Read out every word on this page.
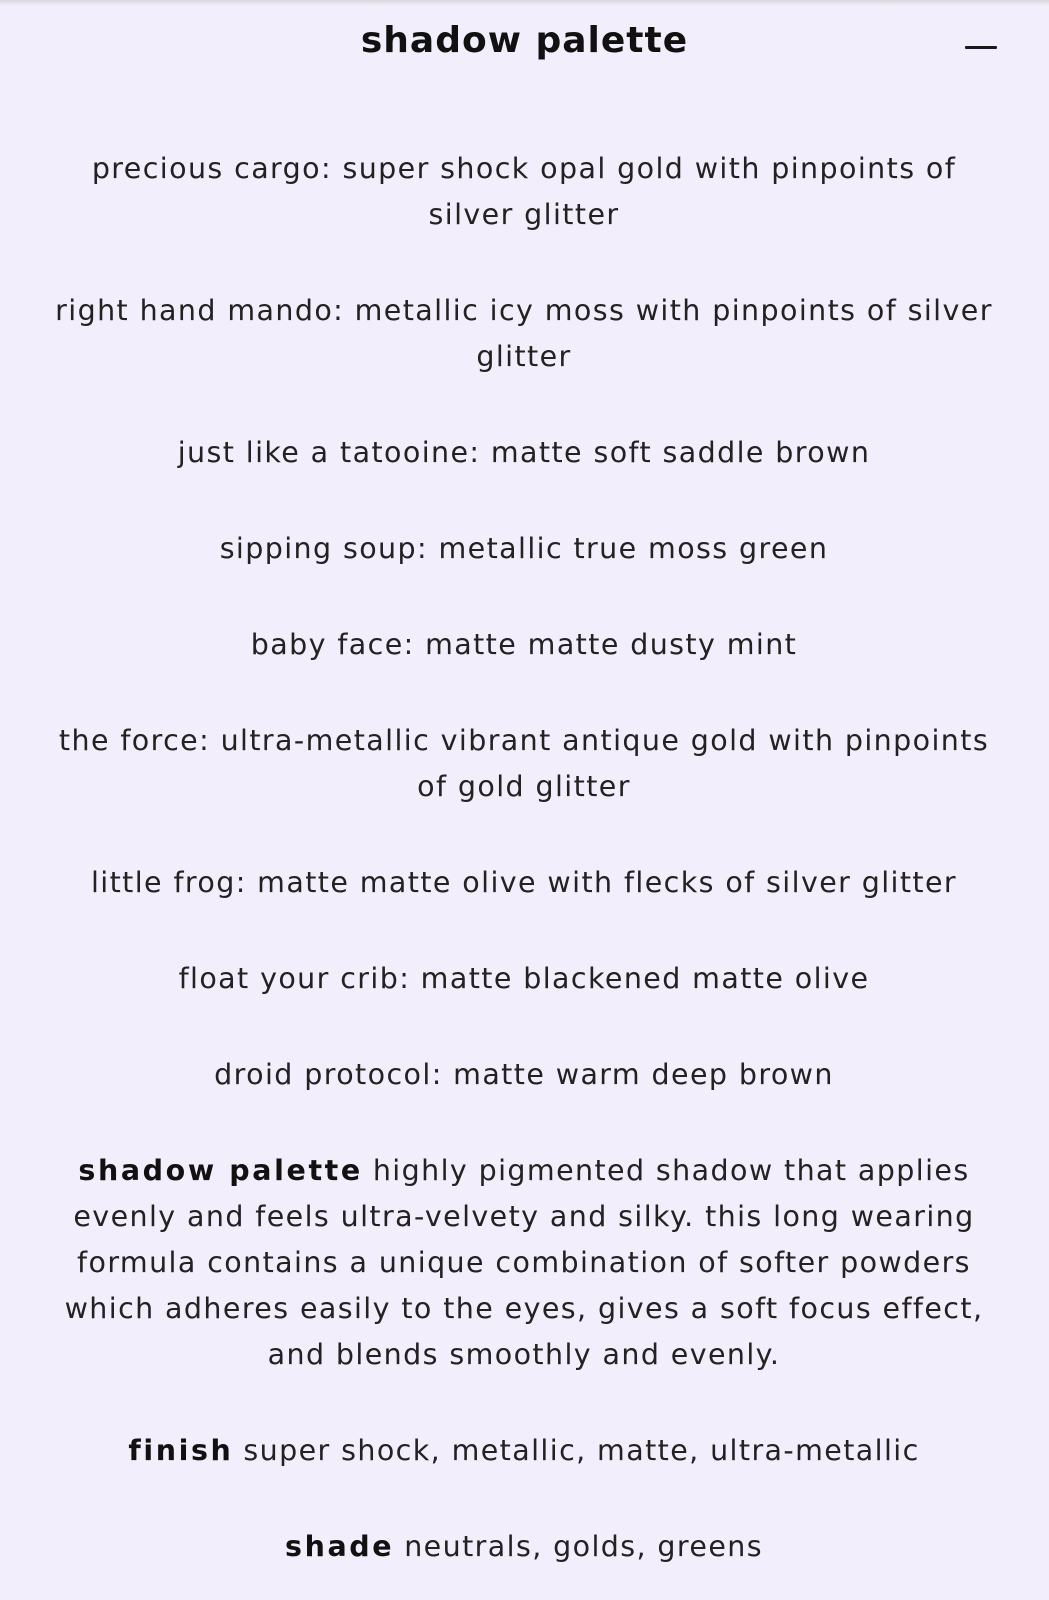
shadow palette

precious cargo: super shock opal gold with pinpoints of silver glitter

right hand mando: metallic icy moss with pinpoints of silver glitter

just like a tatooine: matte soft saddle brown

sipping soup: metallic true moss green

baby face: matte matte dusty mint

the force: ultra-metallic vibrant antique gold with pinpoints of gold glitter

little frog: matte matte olive with flecks of silver glitter

float your crib: matte blackened matte olive

droid protocol: matte warm deep brown

shadow palette highly pigmented shadow that applies evenly and feels ultra-velvety and silky. this long wearing formula contains a unique combination of softer powders which adheres easily to the eyes, gives a soft focus effect, and blends smoothly and evenly.

finish super shock, metallic, matte, ultra-metallic

shade neutrals, golds, greens
